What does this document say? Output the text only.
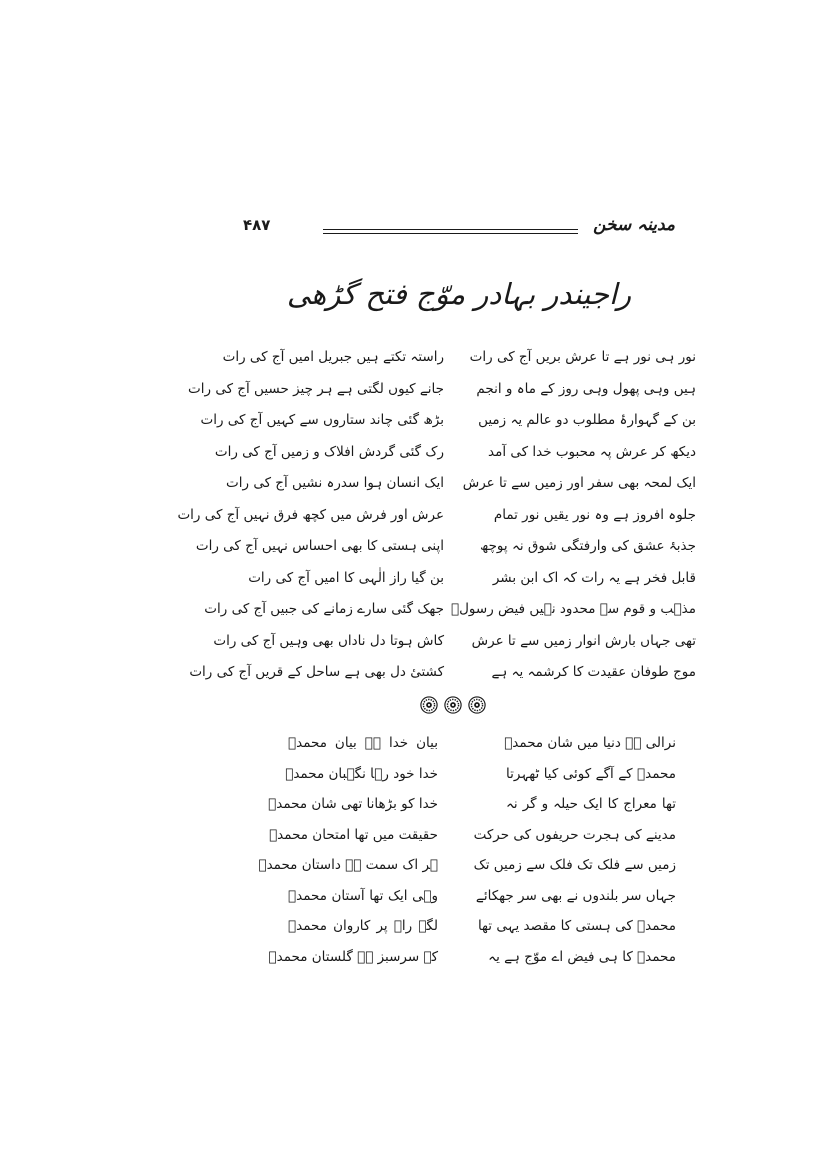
۴۸۷	مدینہ سخن
راجیندر بہادر موّج فتح گڑھی
نور ہی نور ہے تا عرش بریں آج کی رات
راستہ تکتے ہیں جبریل امیں آج کی رات
ہیں وہی پھول وہی روز کے ماہ و انجم
جانے کیوں لگتی ہے ہر چیز حسیں آج کی رات
بن کے گہوارۂ مطلوب دو عالم یہ زمیں
بڑھ گئی چاند ستاروں سے کہیں آج کی رات
دیکھ کر عرش پہ محبوب خدا کی آمد
رک گئی گردش افلاک و زمیں آج کی رات
ایک لمحہ بھی سفر اور زمیں سے تا عرش
ایک انسان ہوا سدرہ نشیں آج کی رات
جلوہ افروز ہے وہ نور یقیں نور تمام
عرش اور فرش میں کچھ فرق نہیں آج کی رات
جذبۂ عشق کی وارفتگی شوق نہ پوچھ
اپنی ہستی کا بھی احساس نہیں آج کی رات
قابل فخر ہے یہ رات کہ اک ابن بشر
بن گیا راز الٰہی کا امیں آج کی رات
مذہب و قوم سے محدود نہیں فیض رسولؐ
جھک گئی سارے زمانے کی جبیں آج کی رات
تھی جہاں بارش انوار زمیں سے تا عرش
کاش ہوتا دل ناداں بھی وہیں آج کی رات
موج طوفان عقیدت کا کرشمہ یہ ہے
کشتیٔ دل بھی ہے ساحل کے قریں آج کی رات
نرالی ہے دنیا میں شان محمدؐ
بیان خدا ہے بیان محمدؐ
محمدؐ کے آگے کوئی کیا ٹھہرتا
خدا خود رہا نگہبان محمدؐ
تھا معراج کا ایک حیلہ و گر نہ
خدا کو بڑھانا تھی شان محمدؐ
مدینے کی ہجرت حریفوں کی حرکت
حقیقت میں تھا امتحان محمدؐ
زمیں سے فلک تک فلک سے زمیں تک
ہر اک سمت ہے داستان محمدؐ
جہاں سر بلندوں نے بھی سر جھکائے
وہی ایک تھا آستان محمدؐ
محمدؐ کی ہستی کا مقصد یہی تھا
لگے راہ پر کاروان محمدؐ
محمدؐ کا ہی فیض اے موّج ہے یہ
کہ سرسبز ہے گلستان محمدؐ
